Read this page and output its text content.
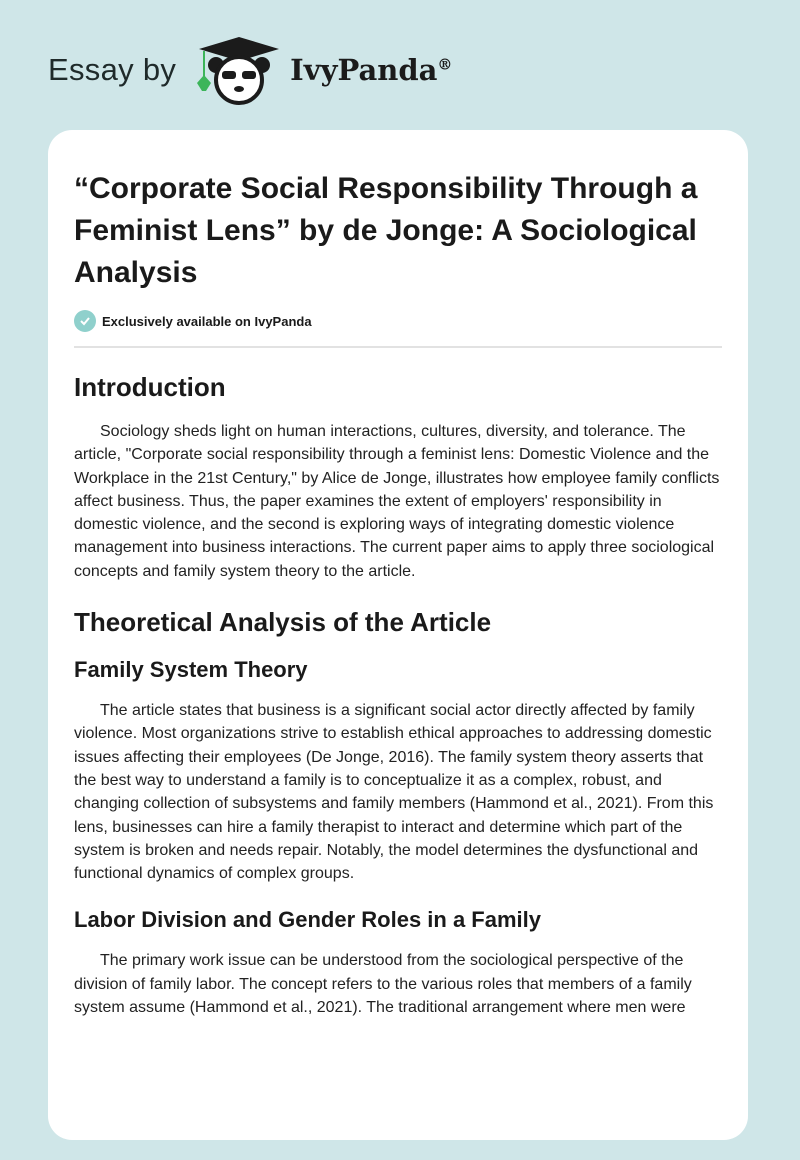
Essay by	IvyPanda®
“Corporate Social Responsibility Through a Feminist Lens” by de Jonge: A Sociological Analysis
Exclusively available on IvyPanda
Introduction

Sociology sheds light on human interactions, cultures, diversity, and tolerance. The article, "Corporate social responsibility through a feminist lens: Domestic Violence and the Workplace in the 21st Century," by Alice de Jonge, illustrates how employee family conflicts affect business. Thus, the paper examines the extent of employers' responsibility in domestic violence, and the second is exploring ways of integrating domestic violence management into business interactions. The current paper aims to apply three sociological concepts and family system theory to the article.

Theoretical Analysis of the Article
Family System Theory

The article states that business is a significant social actor directly affected by family violence. Most organizations strive to establish ethical approaches to addressing domestic issues affecting their employees (De Jonge, 2016). The family system theory asserts that the best way to understand a family is to conceptualize it as a complex, robust, and changing collection of subsystems and family members (Hammond et al., 2021). From this lens, businesses can hire a family therapist to interact and determine which part of the system is broken and needs repair. Notably, the model determines the dysfunctional and functional dynamics of complex groups.

Labor Division and Gender Roles in a Family

The primary work issue can be understood from the sociological perspective of the division of family labor. The concept refers to the various roles that members of a family system assume (Hammond et al., 2021). The traditional arrangement where men were
